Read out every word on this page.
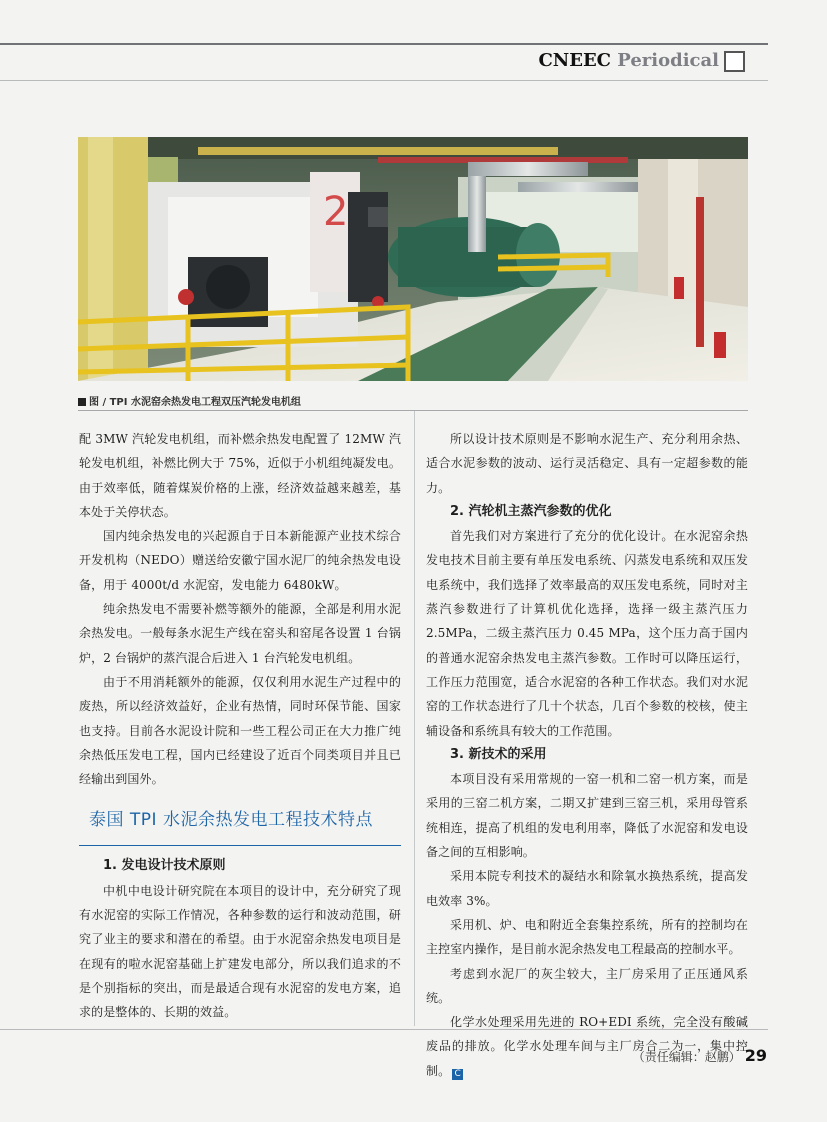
CNEEC Periodical
2
图 / TPI 水泥窑余热发电工程双压汽轮发电机组

配 3MW 汽轮发电机组，而补燃余热发电配置了 12MW 汽轮发电机组，补燃比例大于 75%，近似于小机组纯凝发电。由于效率低，随着煤炭价格的上涨，经济效益越来越差，基本处于关停状态。

国内纯余热发电的兴起源自于日本新能源产业技术综合开发机构（NEDO）赠送给安徽宁国水泥厂的纯余热发电设备，用于 4000t/d 水泥窑，发电能力 6480kW。

纯余热发电不需要补燃等额外的能源，全部是利用水泥余热发电。一般每条水泥生产线在窑头和窑尾各设置 1 台锅炉，2 台锅炉的蒸汽混合后进入 1 台汽轮发电机组。

由于不用消耗额外的能源，仅仅利用水泥生产过程中的废热，所以经济效益好，企业有热情，同时环保节能、国家也支持。目前各水泥设计院和一些工程公司正在大力推广纯余热低压发电工程，国内已经建设了近百个同类项目并且已经输出到国外。

泰国 TPI 水泥余热发电工程技术特点
1. 发电设计技术原则

中机中电设计研究院在本项目的设计中，充分研究了现有水泥窑的实际工作情况，各种参数的运行和波动范围，研究了业主的要求和潜在的希望。由于水泥窑余热发电项目是在现有的啦水泥窑基础上扩建发电部分，所以我们追求的不是个别指标的突出，而是最适合现有水泥窑的发电方案，追求的是整体的、长期的效益。

所以设计技术原则是不影响水泥生产、充分利用余热、适合水泥参数的波动、运行灵活稳定、具有一定超参数的能力。

2. 汽轮机主蒸汽参数的优化

首先我们对方案进行了充分的优化设计。在水泥窑余热发电技术目前主要有单压发电系统、闪蒸发电系统和双压发电系统中，我们选择了效率最高的双压发电系统，同时对主蒸汽参数进行了计算机优化选择，选择一级主蒸汽压力 2.5MPa，二级主蒸汽压力 0.45 MPa，这个压力高于国内的普通水泥窑余热发电主蒸汽参数。工作时可以降压运行，工作压力范围宽，适合水泥窑的各种工作状态。我们对水泥窑的工作状态进行了几十个状态，几百个参数的校核，使主辅设备和系统具有较大的工作范围。

3. 新技术的采用

本项目没有采用常规的一窑一机和二窑一机方案，而是采用的三窑二机方案，二期又扩建到三窑三机，采用母管系统相连，提高了机组的发电利用率，降低了水泥窑和发电设备之间的互相影响。

采用本院专利技术的凝结水和除氧水换热系统，提高发电效率 3%。

采用机、炉、电和附近全套集控系统，所有的控制均在主控室内操作，是目前水泥余热发电工程最高的控制水平。

考虑到水泥厂的灰尘较大，主厂房采用了正压通风系统。

化学水处理采用先进的 RO+EDI 系统，完全没有酸碱废品的排放。化学水处理车间与主厂房合二为一，集中控制。 C

（责任编辑：赵鹏） 29
